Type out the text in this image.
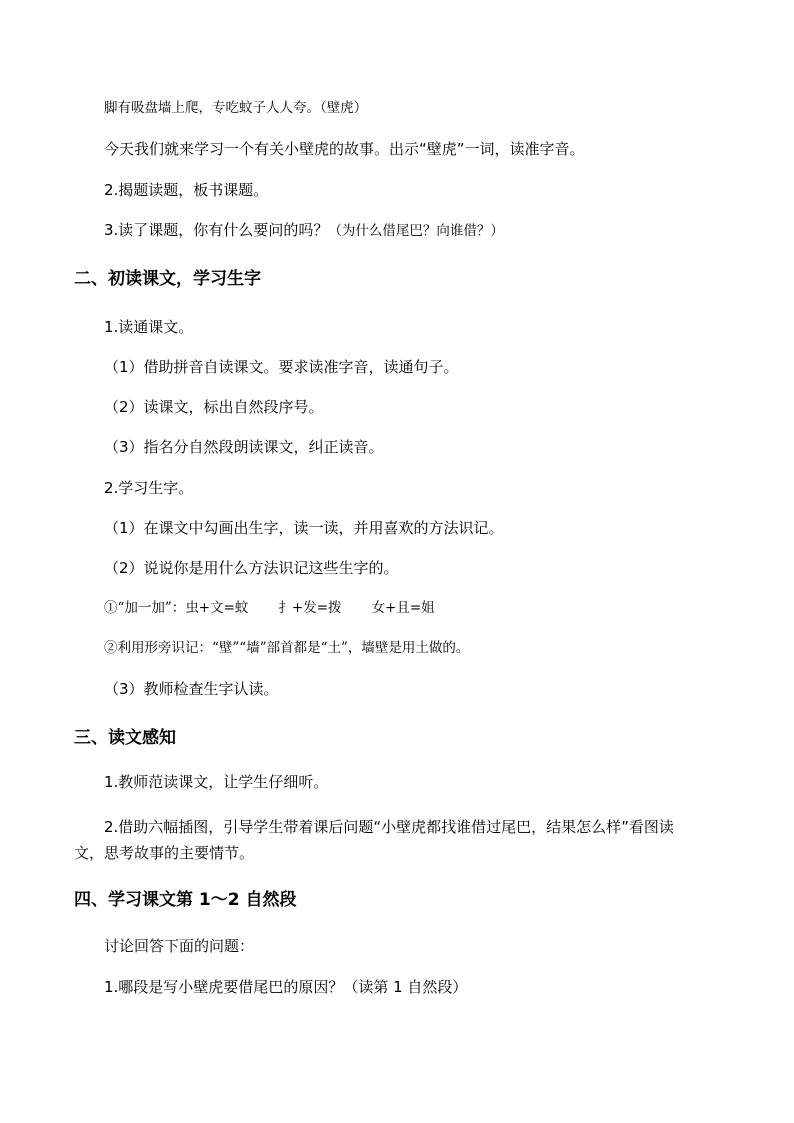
脚有吸盘墙上爬，专吃蚊子人人夸。（壁虎）
今天我们就来学习一个有关小壁虎的故事。出示“壁虎”一词，读准字音。
2.揭题读题，板书课题。
3.读了课题，你有什么要问的吗？（为什么借尾巴？向谁借？）
二、初读课文，学习生字
1.读通课文。
（1）借助拼音自读课文。要求读准字音，读通句子。
（2）读课文，标出自然段序号。
（3）指名分自然段朗读课文，纠正读音。
2.学习生字。
（1）在课文中勾画出生字，读一读，并用喜欢的方法识记。
（2）说说你是用什么方法识记这些生字的。
①“加一加”：虫+文=蚊 扌+发=拨 女+且=姐
②利用形旁识记：“壁”“墙”部首都是“土”，墙壁是用土做的。
（3）教师检查生字认读。
三、读文感知
1.教师范读课文，让学生仔细听。
2.借助六幅插图，引导学生带着课后问题“小壁虎都找谁借过尾巴，结果怎么样”看图读文，思考故事的主要情节。
四、学习课文第 1～2 自然段
讨论回答下面的问题：
1.哪段是写小壁虎要借尾巴的原因？（读第 1 自然段）
